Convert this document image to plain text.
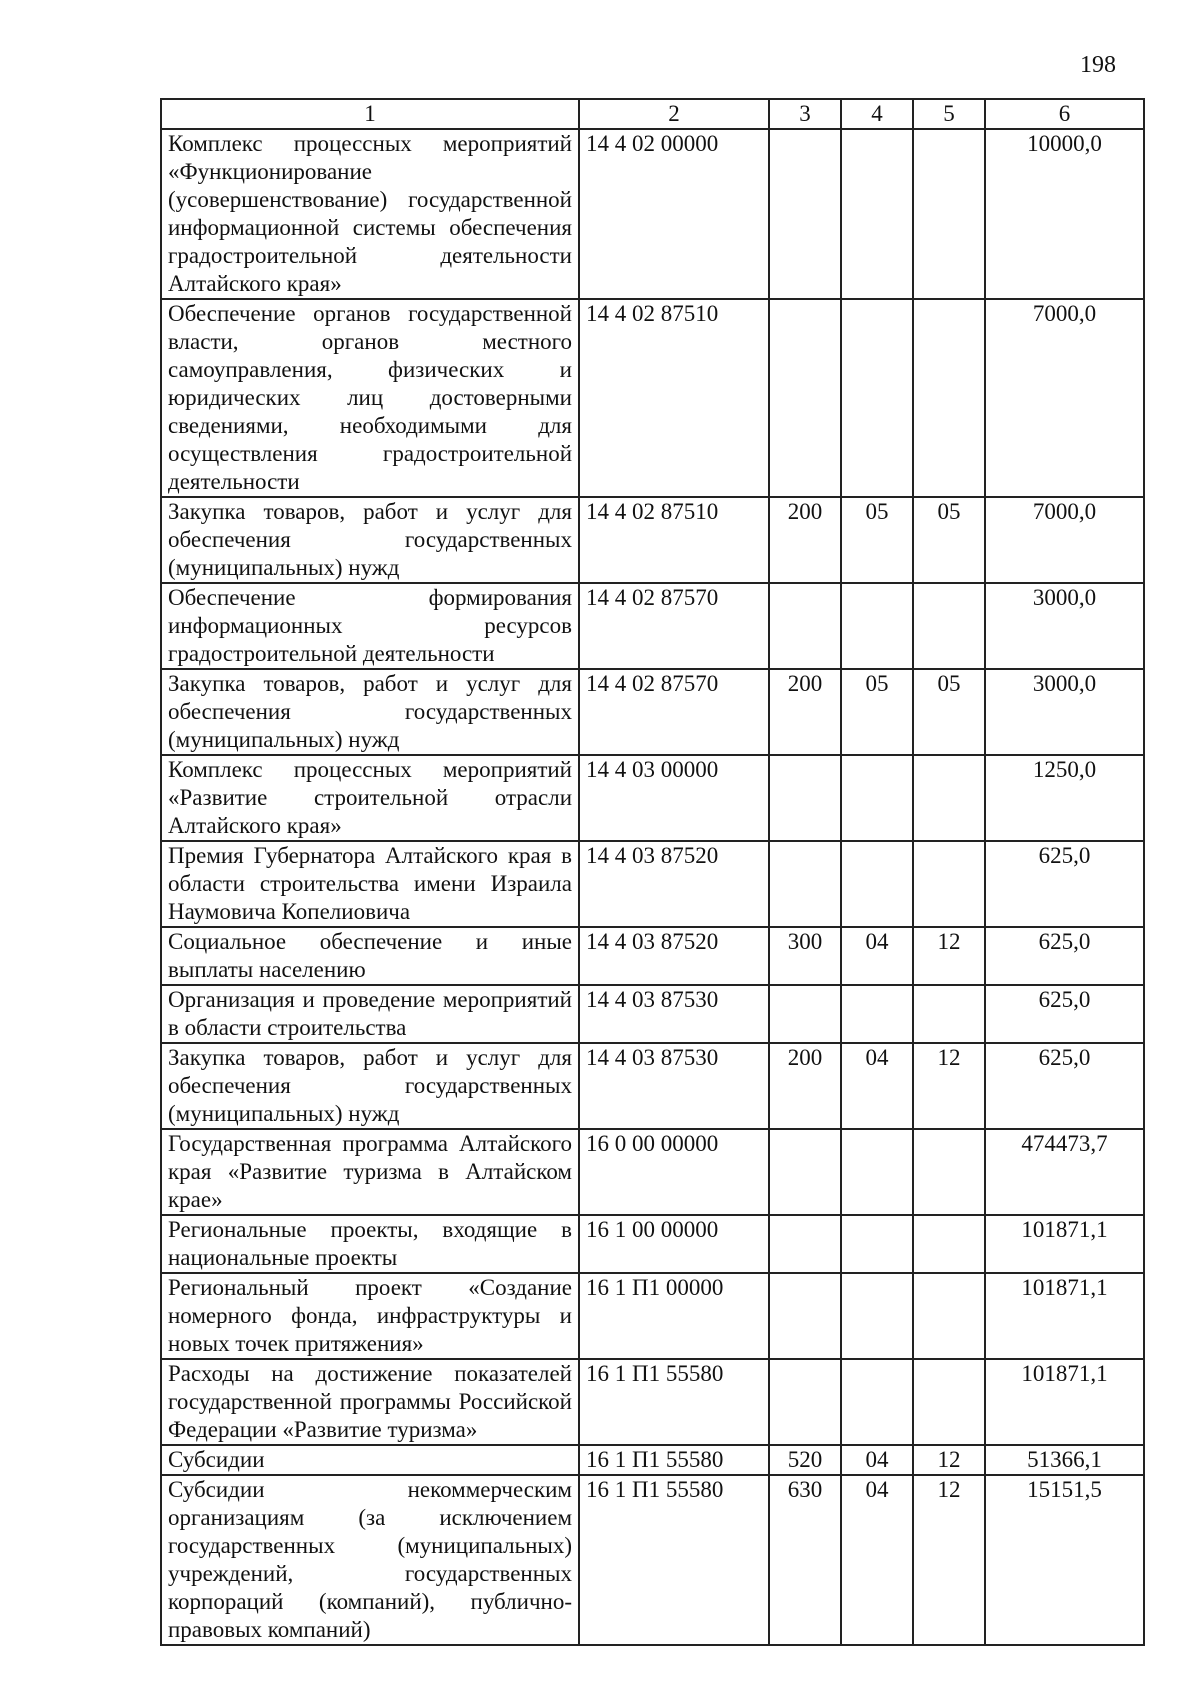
198
1	2	3	4	5	6
Комплекс процессных мероприятий «Функционирование (усовершенствование) государственной информационной системы обеспечения градостроительной деятельности Алтайского края»	14 4 02 00000				10000,0
Обеспечение органов государственной власти, органов местного самоуправления, физических и юридических лиц достоверными сведениями, необходимыми для осуществления градостроительной деятельности	14 4 02 87510				7000,0
Закупка товаров, работ и услуг для обеспечения государственных (муниципальных) нужд	14 4 02 87510	200	05	05	7000,0
Обеспечение формирования информационных ресурсов градостроительной деятельности	14 4 02 87570				3000,0
Закупка товаров, работ и услуг для обеспечения государственных (муниципальных) нужд	14 4 02 87570	200	05	05	3000,0
Комплекс процессных мероприятий «Развитие строительной отрасли Алтайского края»	14 4 03 00000				1250,0
Премия Губернатора Алтайского края в области строительства имени Израила Наумовича Копелиовича	14 4 03 87520				625,0
Социальное обеспечение и иные выплаты населению	14 4 03 87520	300	04	12	625,0
Организация и проведение мероприятий в области строительства	14 4 03 87530				625,0
Закупка товаров, работ и услуг для обеспечения государственных (муниципальных) нужд	14 4 03 87530	200	04	12	625,0
Государственная программа Алтайского края «Развитие туризма в Алтайском крае»	16 0 00 00000				474473,7
Региональные проекты, входящие в национальные проекты	16 1 00 00000				101871,1
Региональный проект «Создание номерного фонда, инфраструктуры и новых точек притяжения»	16 1 П1 00000				101871,1
Расходы на достижение показателей государственной программы Российской Федерации «Развитие туризма»	16 1 П1 55580				101871,1
Субсидии	16 1 П1 55580	520	04	12	51366,1
Субсидии некоммерческим организациям (за исключением государственных (муниципальных) учреждений, государственных корпораций (компаний), публично-правовых компаний)	16 1 П1 55580	630	04	12	15151,5
